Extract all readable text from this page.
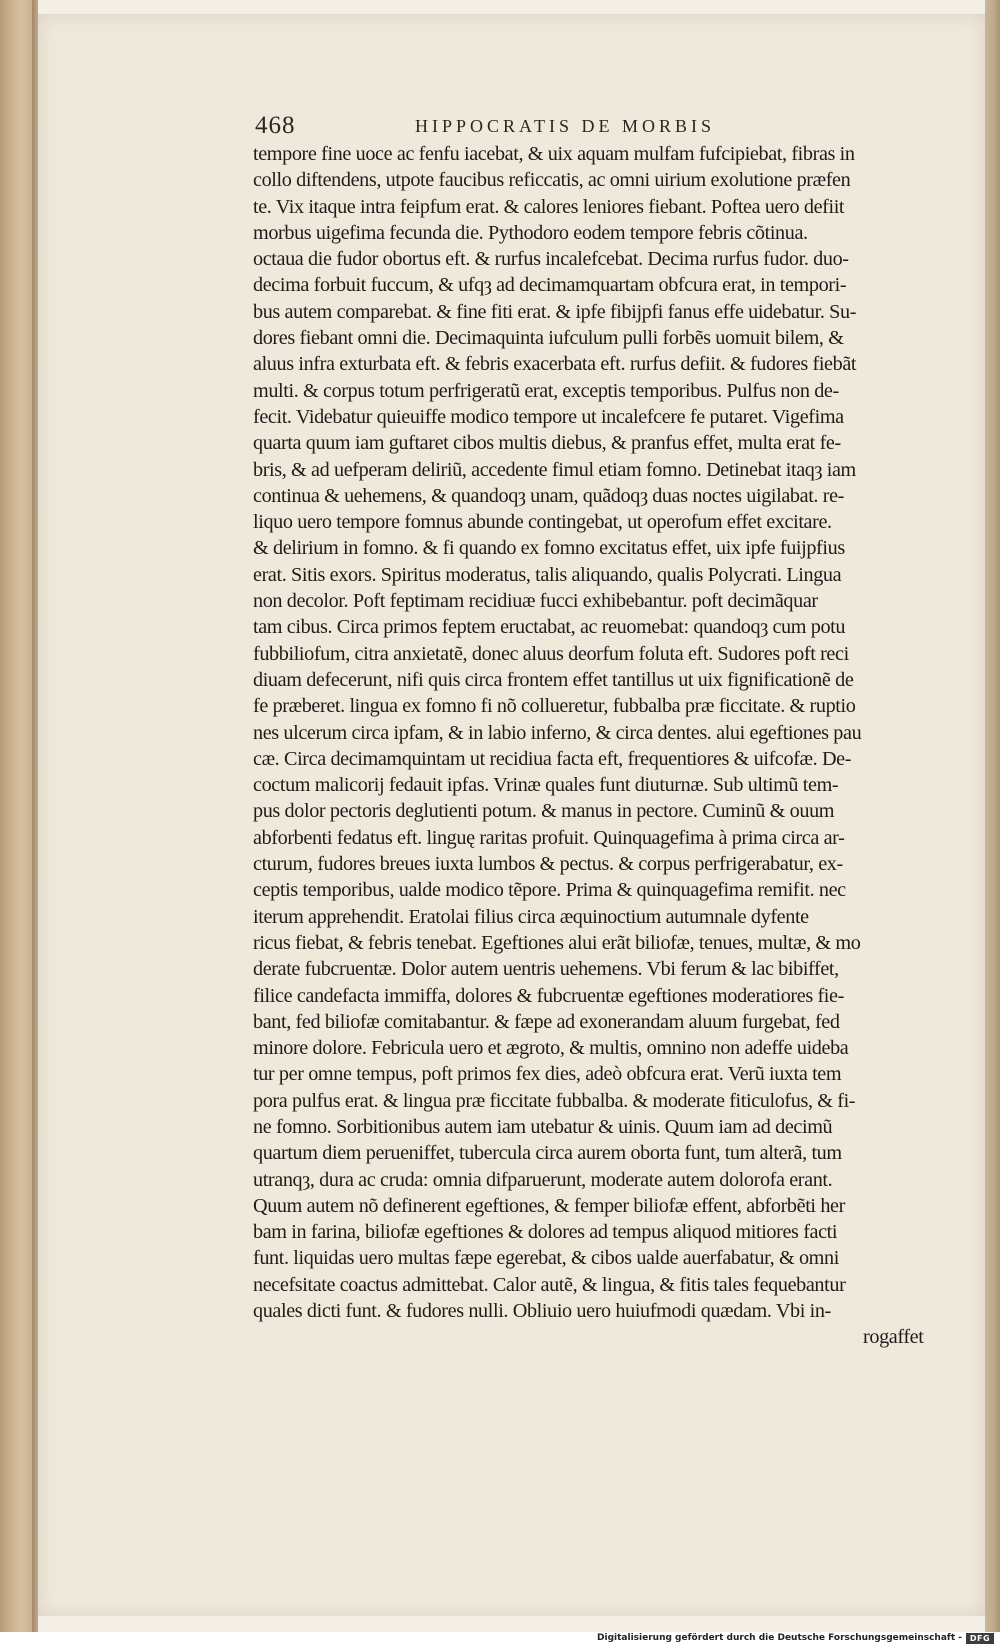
468	HIPPOCRATIS DE MORBIS
tempore fine uoce ac fenfu iacebat, & uix aquam mulfam fufcipiebat, fibras in
collo diftendens, utpote faucibus reficcatis, ac omni uirium exolutione præfen
te. Vix itaque intra feipfum erat. & calores leniores fiebant. Poftea uero defiit
morbus uigefima fecunda die. Pythodoro eodem tempore febris cõtinua.
octaua die fudor obortus eft. & rurfus incalefcebat. Decima rurfus fudor. duo-
decima forbuit fuccum, & ufqȝ ad decimamquartam obfcura erat, in tempori-
bus autem comparebat. & fine fiti erat. & ipfe fibijpfi fanus effe uidebatur. Su-
dores fiebant omni die. Decimaquinta iufculum pulli forbẽs uomuit bilem, &
aluus infra exturbata eft. & febris exacerbata eft. rurfus defiit. & fudores fiebãt
multi. & corpus totum perfrigeratũ erat, exceptis temporibus. Pulfus non de-
fecit. Videbatur quieuiffe modico tempore ut incalefcere fe putaret. Vigefima
quarta quum iam guftaret cibos multis diebus, & pranfus effet, multa erat fe-
bris, & ad uefperam deliriũ, accedente fimul etiam fomno. Detinebat itaqȝ iam
continua & uehemens, & quandoqȝ unam, quãdoqȝ duas noctes uigilabat. re-
liquo uero tempore fomnus abunde contingebat, ut operofum effet excitare.
& delirium in fomno. & fi quando ex fomno excitatus effet, uix ipfe fuijpfius
erat. Sitis exors. Spiritus moderatus, talis aliquando, qualis Polycrati. Lingua
non decolor. Poft feptimam recidiuæ fucci exhibebantur. poft decimãquar
tam cibus. Circa primos feptem eructabat, ac reuomebat: quandoqȝ cum potu
fubbiliofum, citra anxietatẽ, donec aluus deorfum foluta eft. Sudores poft reci
diuam defecerunt, nifi quis circa frontem effet tantillus ut uix fignificationẽ de
fe præberet. lingua ex fomno fi nõ collueretur, fubbalba præ ficcitate. & ruptio
nes ulcerum circa ipfam, & in labio inferno, & circa dentes. alui egeftiones pau
cæ. Circa decimamquintam ut recidiua facta eft, frequentiores & uifcofæ. De-
coctum malicorij fedauit ipfas. Vrinæ quales funt diuturnæ. Sub ultimũ tem-
pus dolor pectoris deglutienti potum. & manus in pectore. Cuminũ & ouum
abforbenti fedatus eft. linguę raritas profuit. Quinquagefima à prima circa ar-
cturum, fudores breues iuxta lumbos & pectus. & corpus perfrigerabatur, ex-
ceptis temporibus, ualde modico tẽpore. Prima & quinquagefima remifit. nec
iterum apprehendit. Eratolai filius circa æquinoctium autumnale dyfente
ricus fiebat, & febris tenebat. Egeftiones alui erãt biliofæ, tenues, multæ, & mo
derate fubcruentæ. Dolor autem uentris uehemens. Vbi ferum & lac bibiffet,
filice candefacta immiffa, dolores & fubcruentæ egeftiones moderatiores fie-
bant, fed biliofæ comitabantur. & fæpe ad exonerandam aluum furgebat, fed
minore dolore. Febricula uero et ægroto, & multis, omnino non adeffe uideba
tur per omne tempus, poft primos fex dies, adeò obfcura erat. Verũ iuxta tem
pora pulfus erat. & lingua præ ficcitate fubbalba. & moderate fiticulofus, & fi-
ne fomno. Sorbitionibus autem iam utebatur & uinis. Quum iam ad decimũ
quartum diem perueniffet, tubercula circa aurem oborta funt, tum alterã, tum
utranqȝ, dura ac cruda: omnia difparuerunt, moderate autem dolorofa erant.
Quum autem nõ definerent egeftiones, & femper biliofæ effent, abforbẽti her
bam in farina, biliofæ egeftiones & dolores ad tempus aliquod mitiores facti
funt. liquidas uero multas fæpe egerebat, & cibos ualde auerfabatur, & omni
necefsitate coactus admittebat. Calor autẽ, & lingua, & fitis tales fequebantur
quales dicti funt. & fudores nulli. Obliuio uero huiufmodi quædam. Vbi in-
rogaffet
Digitalisierung gefördert durch die Deutsche Forschungsgemeinschaft - DFG
